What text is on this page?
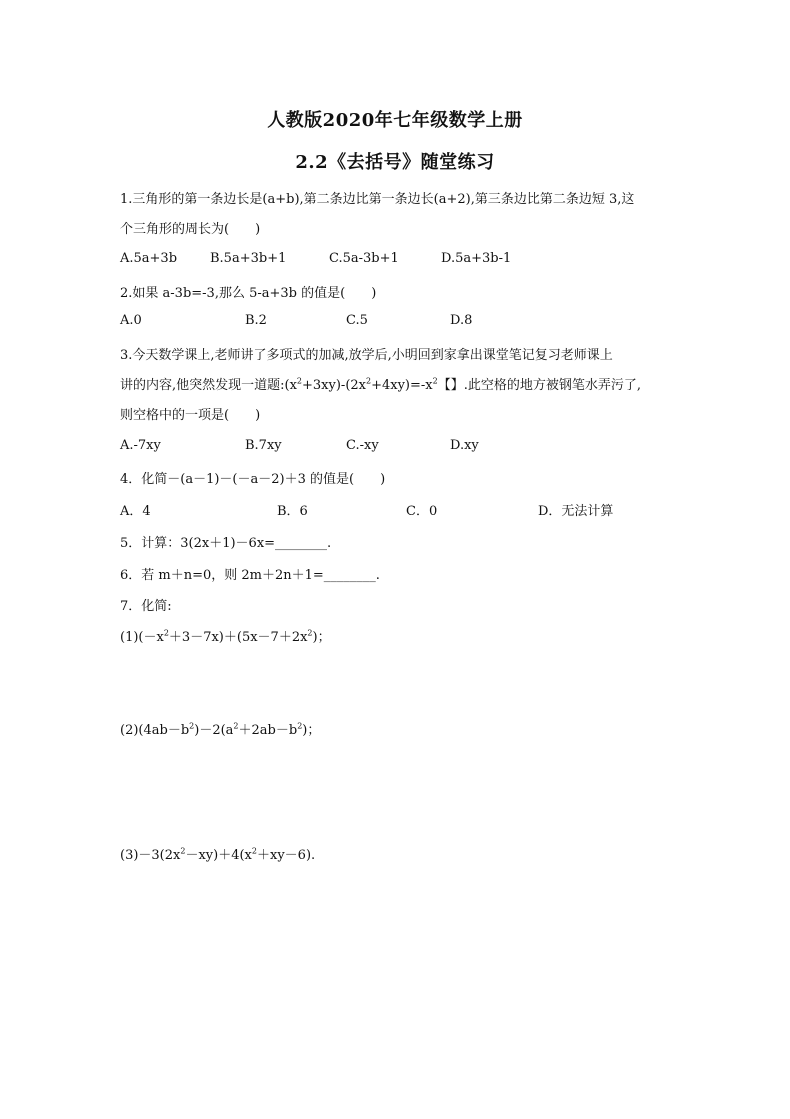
人教版2020年七年级数学上册
2.2《去括号》随堂练习
1.三角形的第一条边长是(a+b),第二条边比第一条边长(a+2),第三条边比第二条边短 3,这
个三角形的周长为(　　)
A.5a+3b	B.5a+3b+1	C.5a-3b+1	D.5a+3b-1
2.如果 a-3b=-3,那么 5-a+3b 的值是(　　)
A.0	B.2	C.5	D.8
3.今天数学课上,老师讲了多项式的加减,放学后,小明回到家拿出课堂笔记复习老师课上
讲的内容,他突然发现一道题$:(x^2+3xy)-(2x^2+4xy)=-x^2$【】.此空格的地方被钢笔水弄污了,
则空格中的一项是(　　)
A.-7xy	B.7xy	C.-xy	D.xy
4．化简－(a－1)－(－a－2)＋3 的值是(　　)
A．4	B．6	C．0	D．无法计算
5．计算：3(2x＋1)－6x=________.
6．若 m＋n=0，则 2m＋2n＋1=________.
7．化简:
$(1)(-x^2+3-7x)+(5x-7+2x^2)$；
$(2)(4ab-b^2)-2(a^2+2ab-b^2)$；
$(3)-3(2x^2-xy)+4(x^2+xy-6)$.
